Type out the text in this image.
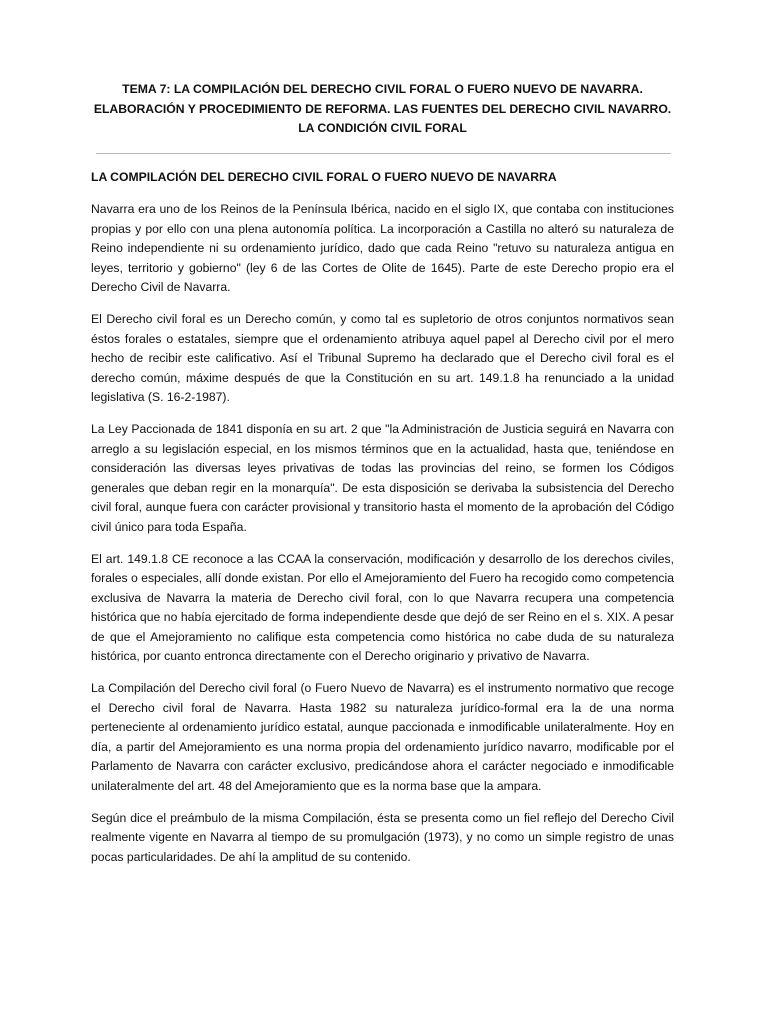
TEMA 7: LA COMPILACIÓN DEL DERECHO CIVIL FORAL O FUERO NUEVO DE NAVARRA. ELABORACIÓN Y PROCEDIMIENTO DE REFORMA. LAS FUENTES DEL DERECHO CIVIL NAVARRO. LA CONDICIÓN CIVIL FORAL
LA COMPILACIÓN DEL DERECHO CIVIL FORAL O FUERO NUEVO DE NAVARRA

Navarra era uno de los Reinos de la Península Ibérica, nacido en el siglo IX, que contaba con instituciones propias y por ello con una plena autonomía política. La incorporación a Castilla no alteró su naturaleza de Reino independiente ni su ordenamiento jurídico, dado que cada Reino "retuvo su naturaleza antigua en leyes, territorio y gobierno" (ley 6 de las Cortes de Olite de 1645). Parte de este Derecho propio era el Derecho Civil de Navarra.

El Derecho civil foral es un Derecho común, y como tal es supletorio de otros conjuntos normativos sean éstos forales o estatales, siempre que el ordenamiento atribuya aquel papel al Derecho civil por el mero hecho de recibir este calificativo. Así el Tribunal Supremo ha declarado que el Derecho civil foral es el derecho común, máxime después de que la Constitución en su art. 149.1.8 ha renunciado a la unidad legislativa (S. 16-2-1987).

La Ley Paccionada de 1841 disponía en su art. 2 que "la Administración de Justicia seguirá en Navarra con arreglo a su legislación especial, en los mismos términos que en la actualidad, hasta que, teniéndose en consideración las diversas leyes privativas de todas las provincias del reino, se formen los Códigos generales que deban regir en la monarquía". De esta disposición se derivaba la subsistencia del Derecho civil foral, aunque fuera con carácter provisional y transitorio hasta el momento de la aprobación del Código civil único para toda España.

El art. 149.1.8 CE reconoce a las CCAA la conservación, modificación y desarrollo de los derechos civiles, forales o especiales, allí donde existan. Por ello el Amejoramiento del Fuero ha recogido como competencia exclusiva de Navarra la materia de Derecho civil foral, con lo que Navarra recupera una competencia histórica que no había ejercitado de forma independiente desde que dejó de ser Reino en el s. XIX. A pesar de que el Amejoramiento no califique esta competencia como histórica no cabe duda de su naturaleza histórica, por cuanto entronca directamente con el Derecho originario y privativo de Navarra.

La Compilación del Derecho civil foral (o Fuero Nuevo de Navarra) es el instrumento normativo que recoge el Derecho civil foral de Navarra. Hasta 1982 su naturaleza jurídico-formal era la de una norma perteneciente al ordenamiento jurídico estatal, aunque paccionada e inmodificable unilateralmente. Hoy en día, a partir del Amejoramiento es una norma propia del ordenamiento jurídico navarro, modificable por el Parlamento de Navarra con carácter exclusivo, predicándose ahora el carácter negociado e inmodificable unilateralmente del art. 48 del Amejoramiento que es la norma base que la ampara.

Según dice el preámbulo de la misma Compilación, ésta se presenta como un fiel reflejo del Derecho Civil realmente vigente en Navarra al tiempo de su promulgación (1973), y no como un simple registro de unas pocas particularidades. De ahí la amplitud de su contenido.
